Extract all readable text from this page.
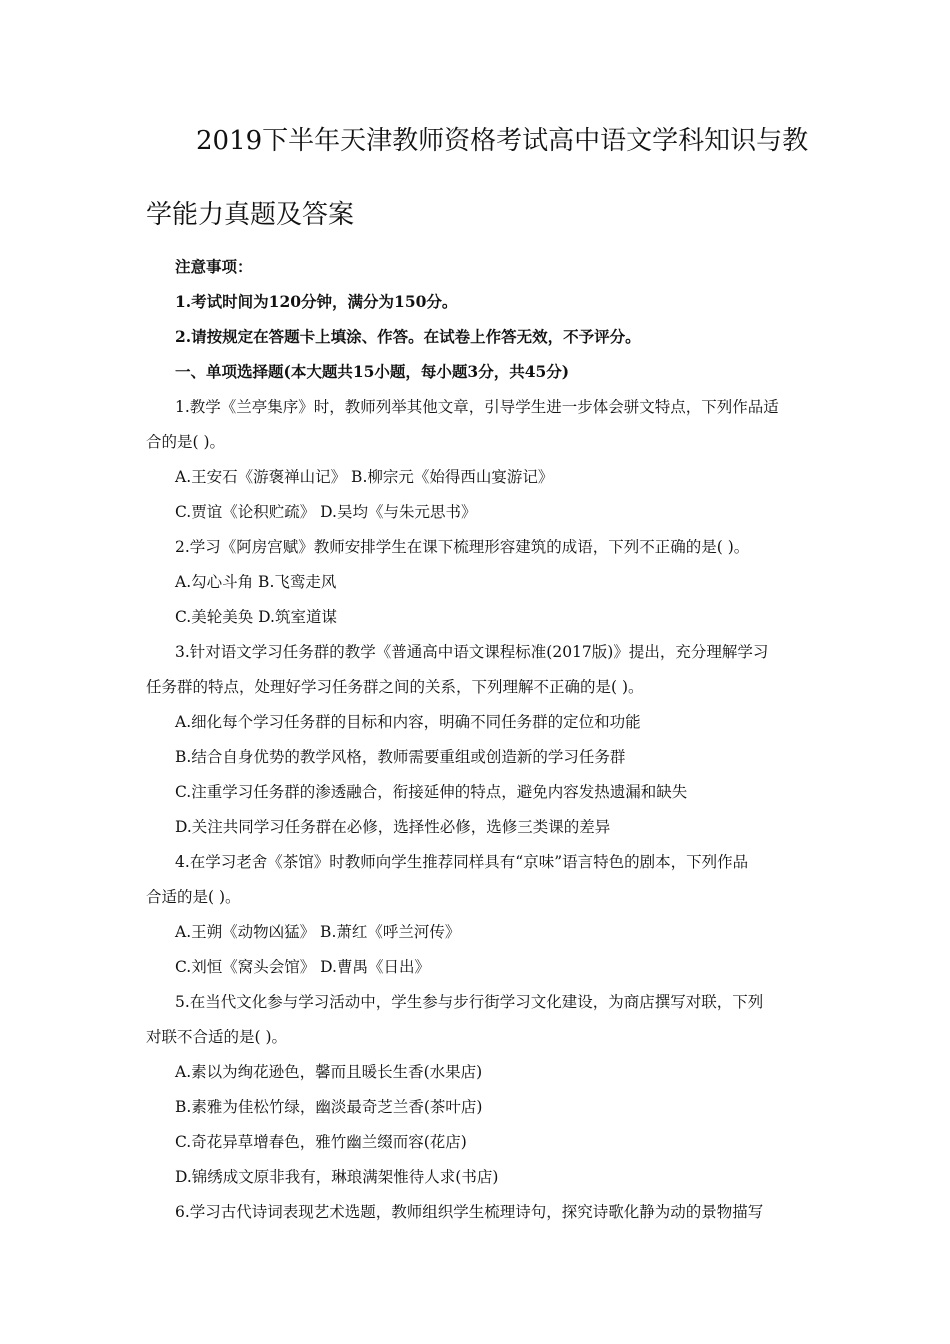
2019下半年天津教师资格考试高中语文学科知识与教
学能力真题及答案
注意事项：
1.考试时间为120分钟，满分为150分。
2.请按规定在答题卡上填涂、作答。在试卷上作答无效，不予评分。
一、单项选择题(本大题共15小题，每小题3分，共45分)
1.教学《兰亭集序》时，教师列举其他文章，引导学生进一步体会骈文特点，下列作品适
合的是( )。
A.王安石《游褒禅山记》 B.柳宗元《始得西山宴游记》
C.贾谊《论积贮疏》 D.吴均《与朱元思书》
2.学习《阿房宫赋》教师安排学生在课下梳理形容建筑的成语，下列不正确的是( )。
A.勾心斗角 B.飞鸾走风
C.美轮美奂 D.筑室道谋
3.针对语文学习任务群的教学《普通高中语文课程标准(2017版)》提出，充分理解学习
任务群的特点，处理好学习任务群之间的关系，下列理解不正确的是( )。
A.细化每个学习任务群的目标和内容，明确不同任务群的定位和功能
B.结合自身优势的教学风格，教师需要重组或创造新的学习任务群
C.注重学习任务群的渗透融合，衔接延伸的特点，避免内容发热遗漏和缺失
D.关注共同学习任务群在必修，选择性必修，选修三类课的差异
4.在学习老舍《茶馆》时教师向学生推荐同样具有“京味”语言特色的剧本，下列作品
合适的是( )。
A.王朔《动物凶猛》 B.萧红《呼兰河传》
C.刘恒《窝头会馆》 D.曹禺《日出》
5.在当代文化参与学习活动中，学生参与步行街学习文化建设，为商店撰写对联，下列
对联不合适的是( )。
A.素以为绚花逊色，馨而且暖长生香(水果店)
B.素雅为佳松竹绿，幽淡最奇芝兰香(茶叶店)
C.奇花异草增春色，雅竹幽兰缀而容(花店)
D.锦绣成文原非我有，琳琅满架惟待人求(书店)
6.学习古代诗词表现艺术选题，教师组织学生梳理诗句，探究诗歌化静为动的景物描写
